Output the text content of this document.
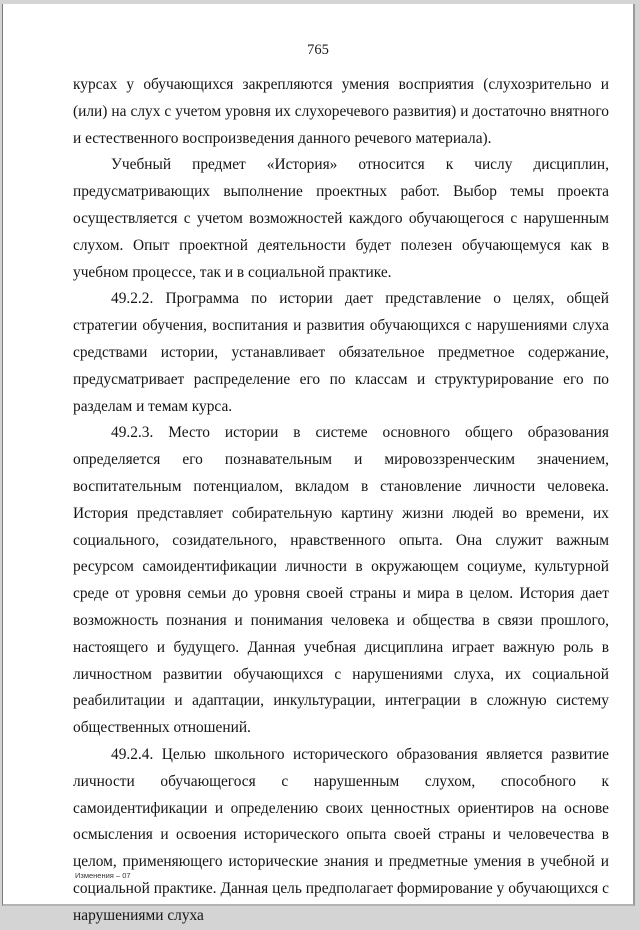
765

курсах у обучающихся закрепляются умения восприятия (слухозрительно и (или) на слух с учетом уровня их слухоречевого развития) и достаточно внятного и естественного воспроизведения данного речевого материала).

Учебный предмет «История» относится к числу дисциплин, предусматривающих выполнение проектных работ. Выбор темы проекта осуществляется с учетом возможностей каждого обучающегося с нарушенным слухом. Опыт проектной деятельности будет полезен обучающемуся как в учебном процессе, так и в социальной практике.

49.2.2. Программа по истории дает представление о целях, общей стратегии обучения, воспитания и развития обучающихся с нарушениями слуха средствами истории, устанавливает обязательное предметное содержание, предусматривает распределение его по классам и структурирование его по разделам и темам курса.

49.2.3. Место истории в системе основного общего образования определяется его познавательным и мировоззренческим значением, воспитательным потенциалом, вкладом в становление личности человека. История представляет собирательную картину жизни людей во времени, их социального, созидательного, нравственного опыта. Она служит важным ресурсом самоидентификации личности в окружающем социуме, культурной среде от уровня семьи до уровня своей страны и мира в целом. История дает возможность познания и понимания человека и общества в связи прошлого, настоящего и будущего. Данная учебная дисциплина играет важную роль в личностном развитии обучающихся с нарушениями слуха, их социальной реабилитации и адаптации, инкультурации, интеграции в сложную систему общественных отношений.

49.2.4. Целью школьного исторического образования является развитие личности обучающегося с нарушенным слухом, способного к самоидентификации и определению своих ценностных ориентиров на основе осмысления и освоения исторического опыта своей страны и человечества в целом, применяющего исторические знания и предметные умения в учебной и социальной практике. Данная цель предполагает формирование у обучающихся с нарушениями слуха

Изменения – 07
